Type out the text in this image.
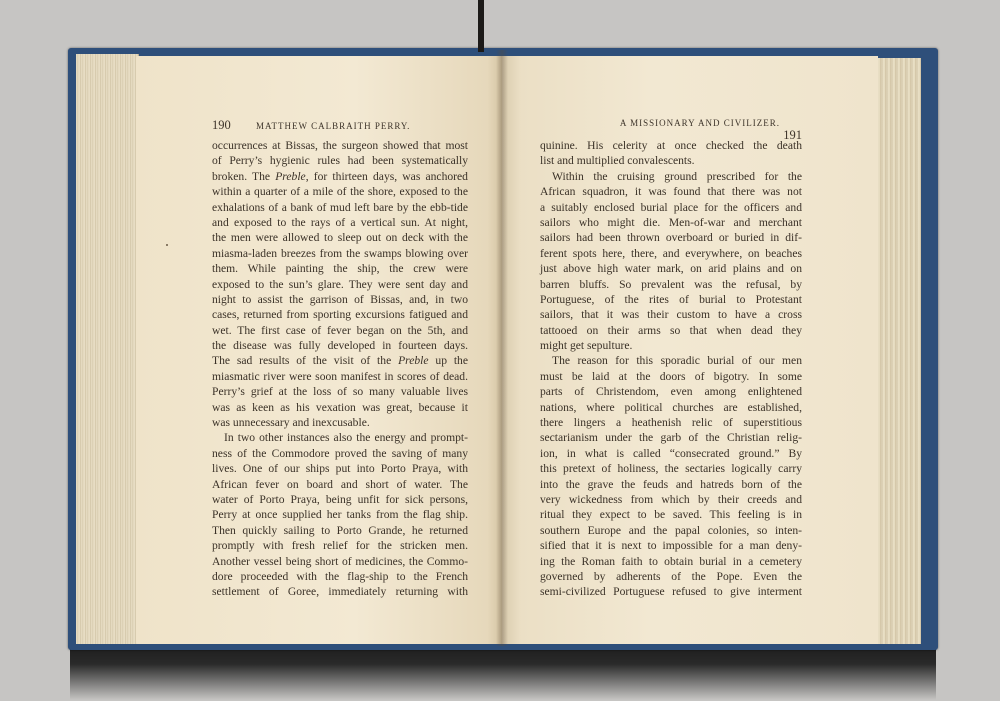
190	MATTHEW CALBRAITH PERRY.
occurrences at Bissas, the surgeon showed that most
of Perry’s hygienic rules had been systematically
broken. The Preble, for thirteen days, was anchored
within a quarter of a mile of the shore, exposed to the
exhalations of a bank of mud left bare by the ebb-tide
and exposed to the rays of a vertical sun. At night,
the men were allowed to sleep out on deck with the
miasma-laden breezes from the swamps blowing over
them. While painting the ship, the crew were
exposed to the sun’s glare. They were sent day and
night to assist the garrison of Bissas, and, in two
cases, returned from sporting excursions fatigued and
wet. The first case of fever began on the 5th, and
the disease was fully developed in fourteen days.
The sad results of the visit of the Preble up the
miasmatic river were soon manifest in scores of dead.
Perry’s grief at the loss of so many valuable lives
was as keen as his vexation was great, because it
was unnecessary and inexcusable.
In two other instances also the energy and prompt-
ness of the Commodore proved the saving of many
lives. One of our ships put into Porto Praya, with
African fever on board and short of water. The
water of Porto Praya, being unfit for sick persons,
Perry at once supplied her tanks from the flag ship.
Then quickly sailing to Porto Grande, he returned
promptly with fresh relief for the stricken men.
Another vessel being short of medicines, the Commo-
dore proceeded with the flag-ship to the French
settlement of Goree, immediately returning with
A MISSIONARY AND CIVILIZER. 191
quinine. His celerity at once checked the death
list and multiplied convalescents.
Within the cruising ground prescribed for the
African squadron, it was found that there was not
a suitably enclosed burial place for the officers and
sailors who might die. Men-of-war and merchant
sailors had been thrown overboard or buried in dif-
ferent spots here, there, and everywhere, on beaches
just above high water mark, on arid plains and on
barren bluffs. So prevalent was the refusal, by
Portuguese, of the rites of burial to Protestant
sailors, that it was their custom to have a cross
tattooed on their arms so that when dead they
might get sepulture.
The reason for this sporadic burial of our men
must be laid at the doors of bigotry. In some
parts of Christendom, even among enlightened
nations, where political churches are established,
there lingers a heathenish relic of superstitious
sectarianism under the garb of the Christian relig-
ion, in what is called “consecrated ground.” By
this pretext of holiness, the sectaries logically carry
into the grave the feuds and hatreds born of the
very wickedness from which by their creeds and
ritual they expect to be saved. This feeling is in
southern Europe and the papal colonies, so inten-
sified that it is next to impossible for a man deny-
ing the Roman faith to obtain burial in a cemetery
governed by adherents of the Pope. Even the
semi-civilized Portuguese refused to give interment
